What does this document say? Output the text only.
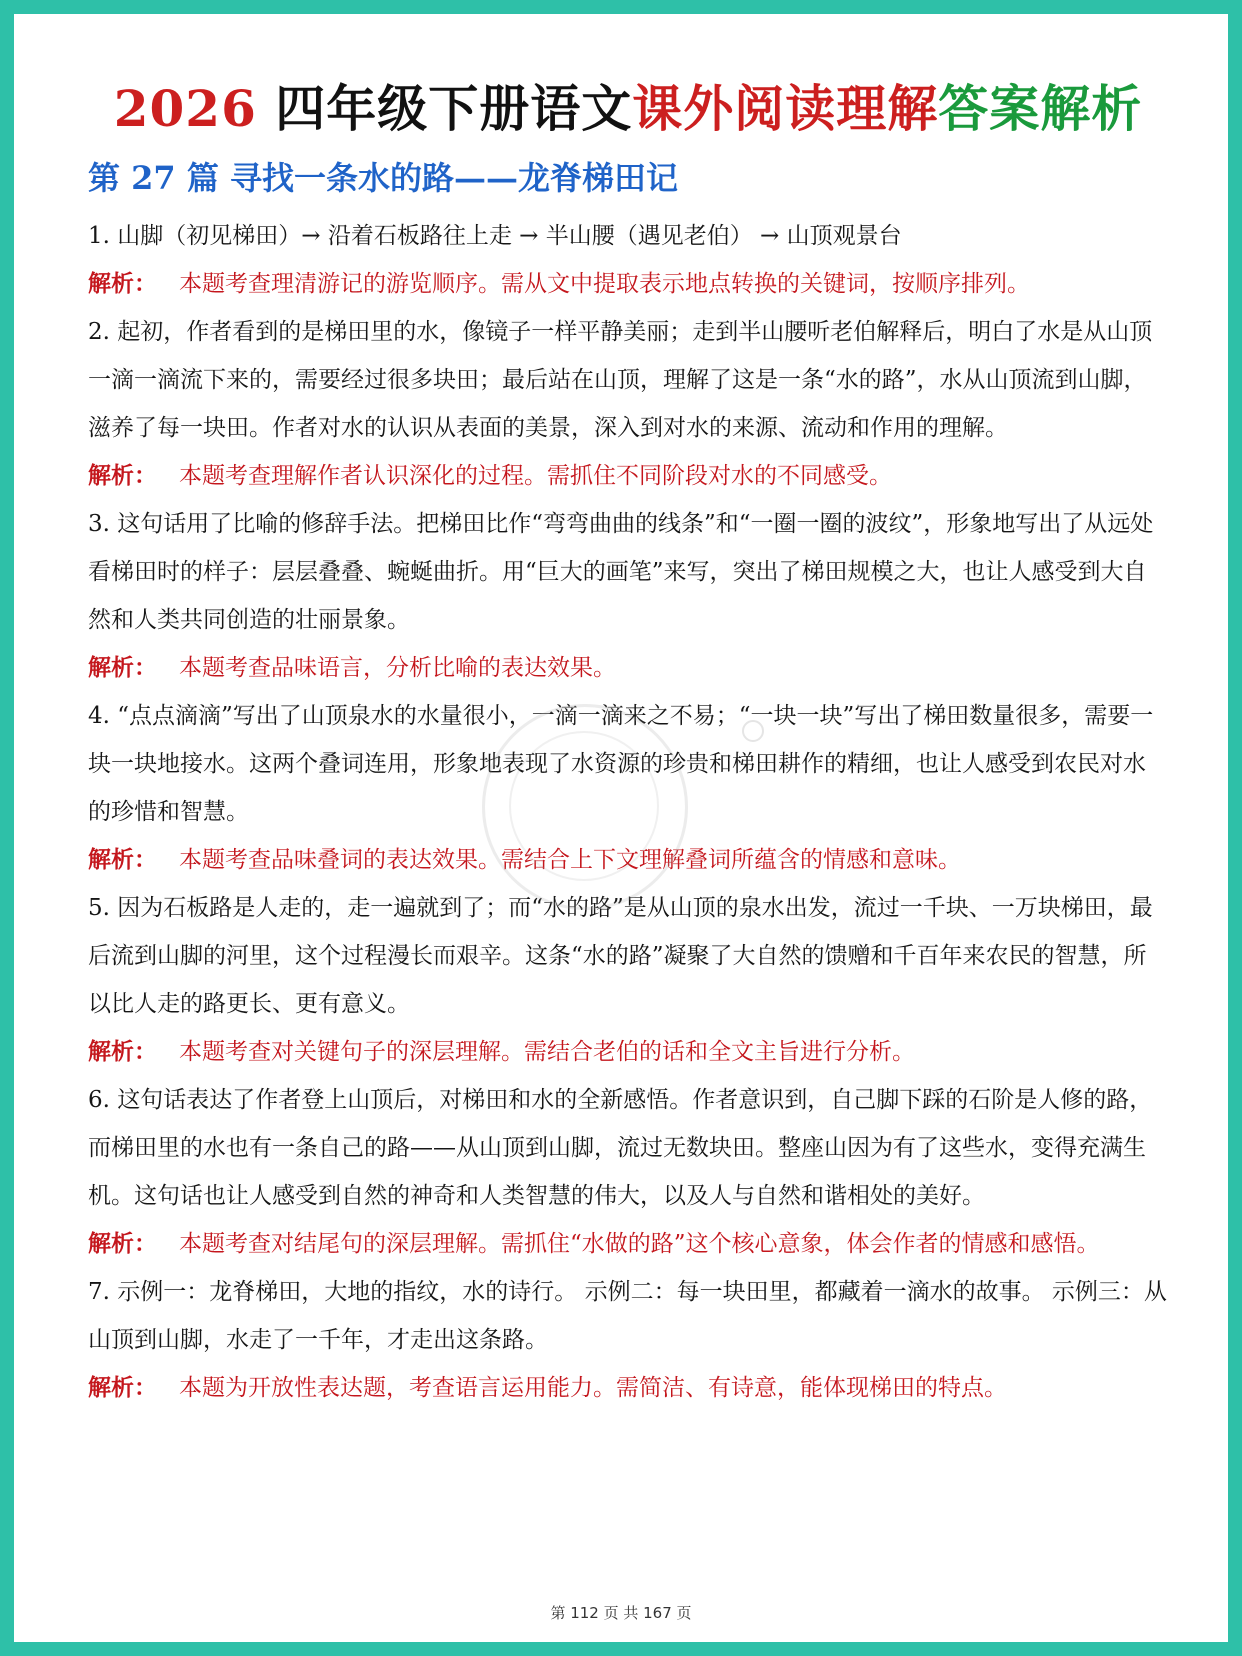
2026 四年级下册语文课外阅读理解答案解析
第 27 篇 寻找一条水的路——龙脊梯田记

1. 山脚（初见梯田）→ 沿着石板路往上走 → 半山腰（遇见老伯） → 山顶观景台

解析： 本题考查理清游记的游览顺序。需从文中提取表示地点转换的关键词，按顺序排列。

2. 起初，作者看到的是梯田里的水，像镜子一样平静美丽；走到半山腰听老伯解释后，明白了水是从山顶一滴一滴流下来的，需要经过很多块田；最后站在山顶，理解了这是一条“水的路”，水从山顶流到山脚，滋养了每一块田。作者对水的认识从表面的美景，深入到对水的来源、流动和作用的理解。

解析： 本题考查理解作者认识深化的过程。需抓住不同阶段对水的不同感受。

3. 这句话用了比喻的修辞手法。把梯田比作“弯弯曲曲的线条”和“一圈一圈的波纹”，形象地写出了从远处看梯田时的样子：层层叠叠、蜿蜒曲折。用“巨大的画笔”来写，突出了梯田规模之大，也让人感受到大自然和人类共同创造的壮丽景象。

解析： 本题考查品味语言，分析比喻的表达效果。

4. “点点滴滴”写出了山顶泉水的水量很小，一滴一滴来之不易；“一块一块”写出了梯田数量很多，需要一块一块地接水。这两个叠词连用，形象地表现了水资源的珍贵和梯田耕作的精细，也让人感受到农民对水的珍惜和智慧。

解析： 本题考查品味叠词的表达效果。需结合上下文理解叠词所蕴含的情感和意味。

5. 因为石板路是人走的，走一遍就到了；而“水的路”是从山顶的泉水出发，流过一千块、一万块梯田，最后流到山脚的河里，这个过程漫长而艰辛。这条“水的路”凝聚了大自然的馈赠和千百年来农民的智慧，所以比人走的路更长、更有意义。

解析： 本题考查对关键句子的深层理解。需结合老伯的话和全文主旨进行分析。

6. 这句话表达了作者登上山顶后，对梯田和水的全新感悟。作者意识到，自己脚下踩的石阶是人修的路，而梯田里的水也有一条自己的路——从山顶到山脚，流过无数块田。整座山因为有了这些水，变得充满生机。这句话也让人感受到自然的神奇和人类智慧的伟大，以及人与自然和谐相处的美好。

解析： 本题考查对结尾句的深层理解。需抓住“水做的路”这个核心意象，体会作者的情感和感悟。

7. 示例一：龙脊梯田，大地的指纹，水的诗行。 示例二：每一块田里，都藏着一滴水的故事。 示例三：从山顶到山脚，水走了一千年，才走出这条路。

解析： 本题为开放性表达题，考查语言运用能力。需简洁、有诗意，能体现梯田的特点。

第 112 页 共 167 页
